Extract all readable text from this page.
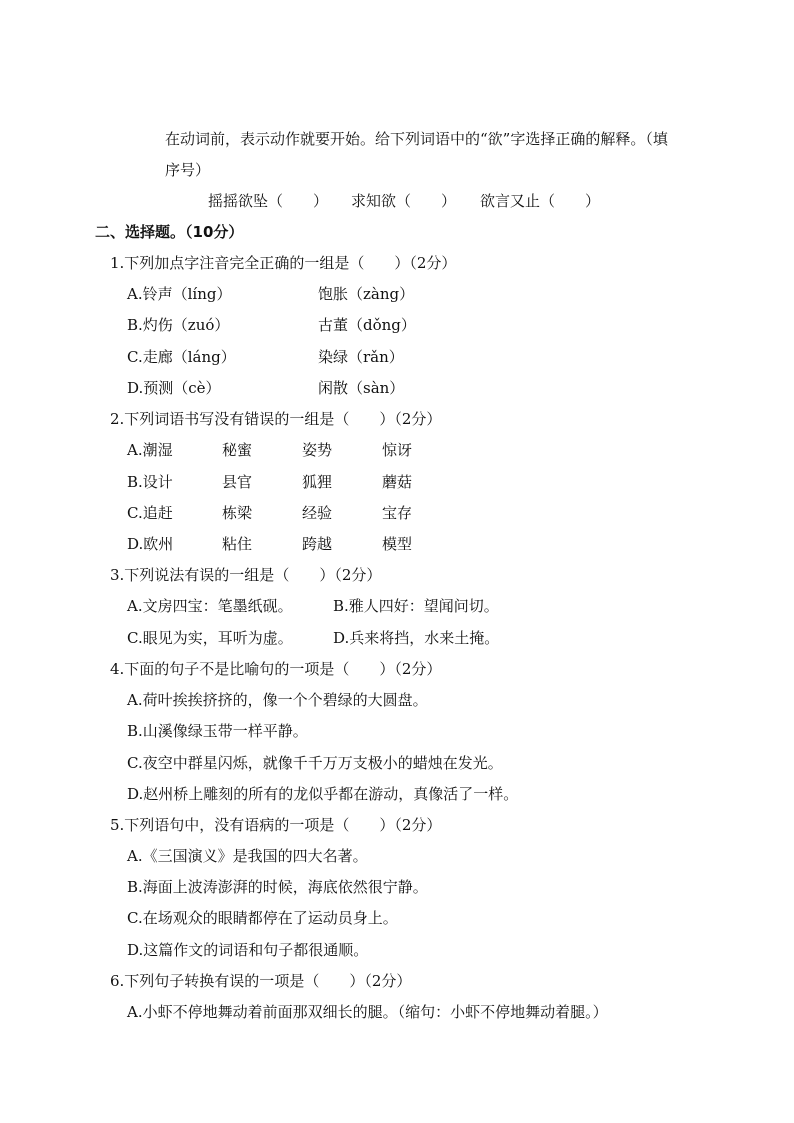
在动词前，表示动作就要开始。给下列词语中的“欲”字选择正确的解释。（填
序号）
摇摇欲坠（　　） 求知欲（　　） 欲言又止（　　）
二、选择题。（10分）
1.下列加点字注音完全正确的一组是（　　）（2分）
A.铃声（líng）	饱胀（zàng）
B.灼伤（zuó）	古董（dǒng）
C.走廊（láng）	染绿（rǎn）
D.预测（cè）	闲散（sàn）
2.下列词语书写没有错误的一组是（　　）（2分）
A.潮湿	秘蜜	姿势	惊讶
B.设计	县官	狐狸	蘑菇
C.追赶	栋梁	经验	宝存
D.欧州	粘住	跨越	模型
3.下列说法有误的一组是（　　）（2分）
A.文房四宝：笔墨纸砚。	B.雅人四好：望闻问切。
C.眼见为实，耳听为虚。	D.兵来将挡，水来土掩。
4.下面的句子不是比喻句的一项是（　　）（2分）
A.荷叶挨挨挤挤的，像一个个碧绿的大圆盘。
B.山溪像绿玉带一样平静。
C.夜空中群星闪烁，就像千千万万支极小的蜡烛在发光。
D.赵州桥上雕刻的所有的龙似乎都在游动，真像活了一样。
5.下列语句中，没有语病的一项是（　　）（2分）
A.《三国演义》是我国的四大名著。
B.海面上波涛澎湃的时候，海底依然很宁静。
C.在场观众的眼睛都停在了运动员身上。
D.这篇作文的词语和句子都很通顺。
6.下列句子转换有误的一项是（　　）（2分）
A.小虾不停地舞动着前面那双细长的腿。（缩句：小虾不停地舞动着腿。）
